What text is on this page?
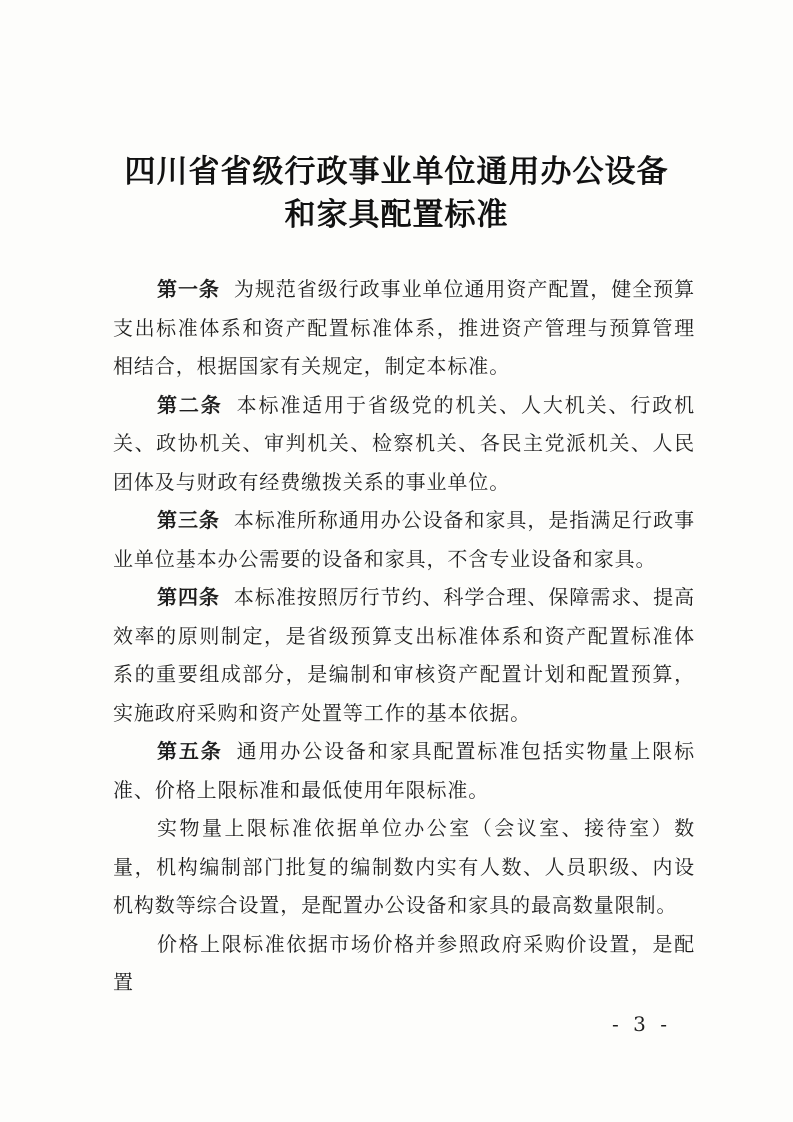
四川省省级行政事业单位通用办公设备
和家具配置标准

第一条 为规范省级行政事业单位通用资产配置，健全预算支出标准体系和资产配置标准体系，推进资产管理与预算管理相结合，根据国家有关规定，制定本标准。

第二条 本标准适用于省级党的机关、人大机关、行政机关、政协机关、审判机关、检察机关、各民主党派机关、人民团体及与财政有经费缴拨关系的事业单位。

第三条 本标准所称通用办公设备和家具，是指满足行政事业单位基本办公需要的设备和家具，不含专业设备和家具。

第四条 本标准按照厉行节约、科学合理、保障需求、提高效率的原则制定，是省级预算支出标准体系和资产配置标准体系的重要组成部分，是编制和审核资产配置计划和配置预算，实施政府采购和资产处置等工作的基本依据。

第五条 通用办公设备和家具配置标准包括实物量上限标准、价格上限标准和最低使用年限标准。

实物量上限标准依据单位办公室（会议室、接待室）数量，机构编制部门批复的编制数内实有人数、人员职级、内设机构数等综合设置，是配置办公设备和家具的最高数量限制。

价格上限标准依据市场价格并参照政府采购价设置，是配置

- 3 -
